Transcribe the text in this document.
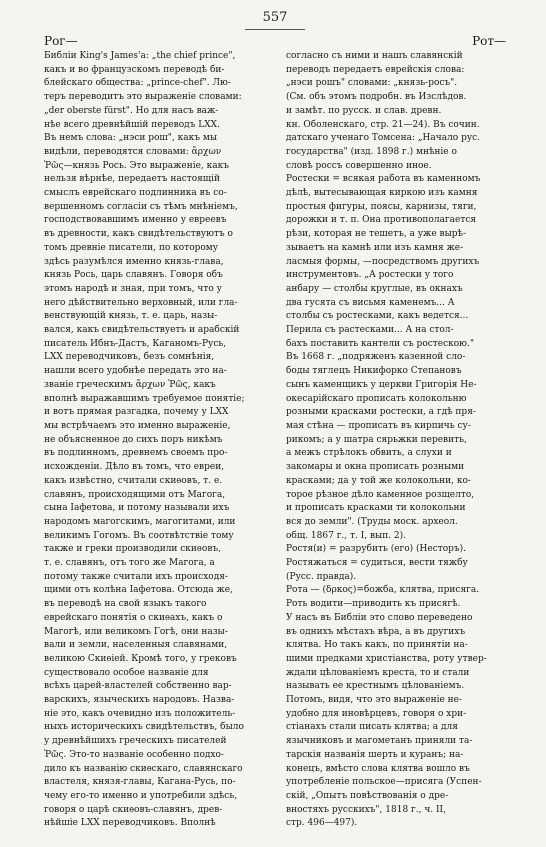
Рог—
557
Рот—
Библіи King's James'a: „the chief prince",
какъ и во французскомъ переводѣ би-
блейскаго общества: „prince-chef". Лю-
теръ переводитъ это выраженіе словами:
„der oberste fürst". Но для насъ важ-
нѣе всего древнѣйшій переводъ LXX.
Въ немъ слова: „нэси рош", какъ мы
видѣли, переводятся словами: ἄρχων
Ῥῶς—князь Рось. Это выраженіе, какъ
нельзя вѣрнѣе, передаетъ настоящій
смыслъ еврейскаго подлинника въ со-
вершенномъ согласіи съ тѣмъ мнѣніемъ,
господствовавшимъ именно у евреевъ
въ древности, какъ свидѣтельствуютъ о
томъ древніе писатели, по которому
здѣсь разумѣлся именно князь-глава,
князь Рось, царь славянъ. Говоря объ
этомъ народѣ и зная, при томъ, что у
него дѣйствительно верховный, или гла-
венствующій князь, т. е. царь, назы-
вался, какъ свидѣтельствуетъ и арабскій
писатель Ибнъ-Дастъ, Каганомъ-Русь,
LXX переводчиковъ, безъ сомнѣнія,
нашли всего удобнѣе передать это на-
званіе греческимъ ἄρχων Ῥῶς, какъ
вполнѣ выражавшимъ требуемое понятіе;
и вотъ прямая разгадка, почему у LXX
мы встрѣчаемъ это именно выраженіе,
не объясненное до сихъ поръ никѣмъ
въ подлинномъ, древнемъ своемъ про-
исхожденіи. Дѣло въ томъ, что евреи,
какъ извѣстно, считали скиѳовъ, т. е.
славянъ, происходящими отъ Магога,
сына Іафетова, и потому называли ихъ
народомъ магогскимъ, магогитами, или
великимъ Гогомъ. Въ соотвѣтствіе тому
также и греки производили скиѳовъ,
т. е. славянъ, отъ того же Магога, а
потому также считали ихъ происходя-
щими отъ колѣна Іафетова. Отсюда же,
въ переводѣ на свой языкъ такого
еврейскаго понятія о скиѳахъ, какъ о
Магогѣ, или великомъ Гогѣ, они назы-
вали и земли, населенныя славянами,
великою Скиѳіей. Кромѣ того, у грековъ
существовало особое названіе для
всѣхъ царей-властелей собственно вар-
варскихъ, языческихъ народовъ. Назва-
ніе это, какъ очевидно изъ положитель-
ныхъ историческихъ свидѣтельствъ, было
у древнѣйшихъ греческихъ писателей
Ῥῶς. Это-то названіе особенно подхо-
дило къ названію скиѳскаго, славянскаго
властеля, князя-главы, Кагана-Русь, по-
чему его-то именно и употребили здѣсь,
говоря о царѣ скиѳовъ-славянъ, древ-
нѣйшіе LXX переводчиковъ. Вполнѣ
согласно съ ними и нашъ славянскій
переводъ передаетъ еврейскія слова:
„нэси рошъ" словами: „князь-росъ".
(См. объ этомъ подробн. въ Изслѣдов.
и замѣт. по русск. и слав. древн.
кн. Оболенскаго, стр. 21—24). Въ сочин.
датскаго ученаго Томсена: „Начало рус.
государства" (изд. 1898 г.) мнѣніе о
словѣ россъ совершенно иное.
Ростески = всякая работа въ каменномъ
дѣлѣ, вытесывающая киркою изъ камня
простыя фигуры, поясы, карнизы, тяги,
дорожки и т. п. Она противополагается
рѣзи, которая не тешетъ, а уже вырѣ-
зываетъ на камнѣ или изъ камня же-
ласмыя формы, —посредствомъ другихъ
инструментовъ. „А ростески у того
анбару — столбы круглые, въ окнахъ
два гусята съ висьмя каменемъ... А
столбы съ ростесками, какъ ведется...
Перила съ растесками... А на стол-
бахъ поставить кантели съ ростескою."
Въ 1668 г. „подряженъ казенной сло-
боды тяглецъ Никифорко Степановъ
сынъ каменщикъ у церкви Григорія Не-
окесарійскаго прописать колокольню
розными красками ростески, а гдѣ пря-
мая стѣна — прописать въ кирпичь су-
рикомъ; а у шатра сярьжки перевить,
а межъ стрѣлокъ обвить, а слухи и
закомары и окна прописать розными
красками; да у той же колокольни, ко-
торое рѣзное дѣло каменное розщелто,
и прописать красками ти колокольни
вся до земли". (Труды моск. археол.
общ. 1867 г., т. I, вып. 2).
Ростя(и) = разрубить (его) (Несторъ).
Ростяжаться = судиться, вести тяжбу
(Русс. правда).
Рота — (δρκος)=божба, клятва, присяга.
Роть водити—приводить къ присягѣ.
У насъ въ Библіи это слово переведено
въ однихъ мѣстахъ вѣра, а въ другихъ
клятва. Но такъ какъ, по принятіи на-
шими предками христіанства, роту утвер-
ждали цѣлованіемъ креста, то и стали
называть ее крестнымъ цѣлованіемъ.
Потомъ, видя, что это выраженіе не-
удобно для иновѣрцевъ, говоря о хри-
стіанахъ стали писать клятва; а для
язычниковъ и магометанъ приняли та-
тарскія названія шерть и куранъ; на-
конецъ, вмѣсто слова клятва вошло въ
употребленіе польское—присяга (Успен-
скій, „Опытъ повѣствованія о дре-
вностяхъ русскихъ", 1818 г., ч. II,
стр. 496—497).
